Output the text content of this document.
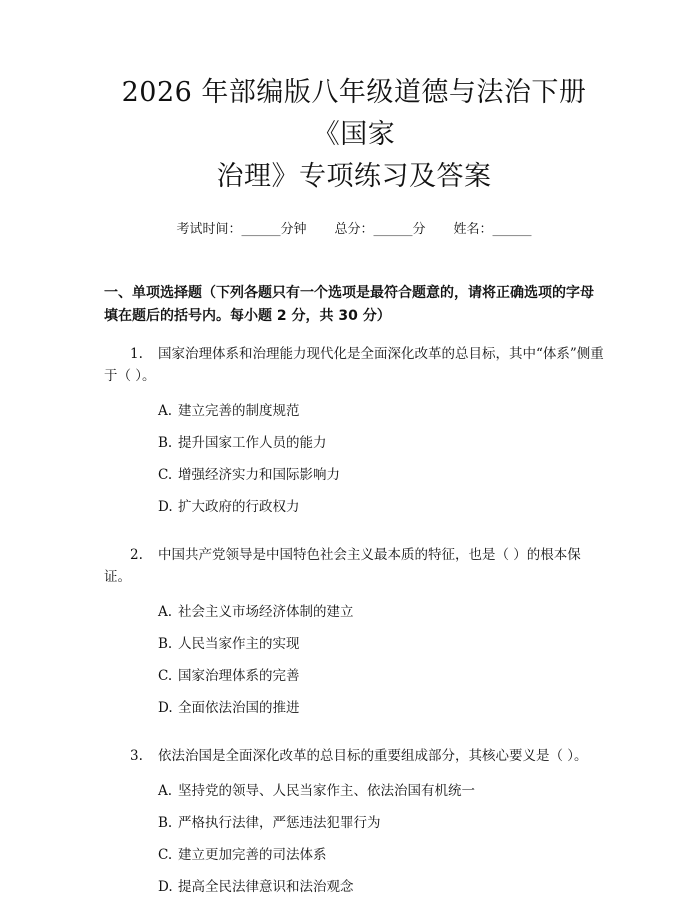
2026 年部编版八年级道德与法治下册《国家
治理》专项练习及答案
考试时间：______分钟 总分：______分 姓名：______
一、单项选择题（下列各题只有一个选项是最符合题意的，请将正确选项的字母填在题后的括号内。每小题 2 分，共 30 分）
1. 国家治理体系和治理能力现代化是全面深化改革的总目标，其中“体系”侧重于（ ）。
A. 建立完善的制度规范
B. 提升国家工作人员的能力
C. 增强经济实力和国际影响力
D. 扩大政府的行政权力
2. 中国共产党领导是中国特色社会主义最本质的特征，也是（ ）的根本保证。
A. 社会主义市场经济体制的建立
B. 人民当家作主的实现
C. 国家治理体系的完善
D. 全面依法治国的推进
3. 依法治国是全面深化改革的总目标的重要组成部分，其核心要义是（ ）。
A. 坚持党的领导、人民当家作主、依法治国有机统一
B. 严格执行法律，严惩违法犯罪行为
C. 建立更加完善的司法体系
D. 提高全民法律意识和法治观念
